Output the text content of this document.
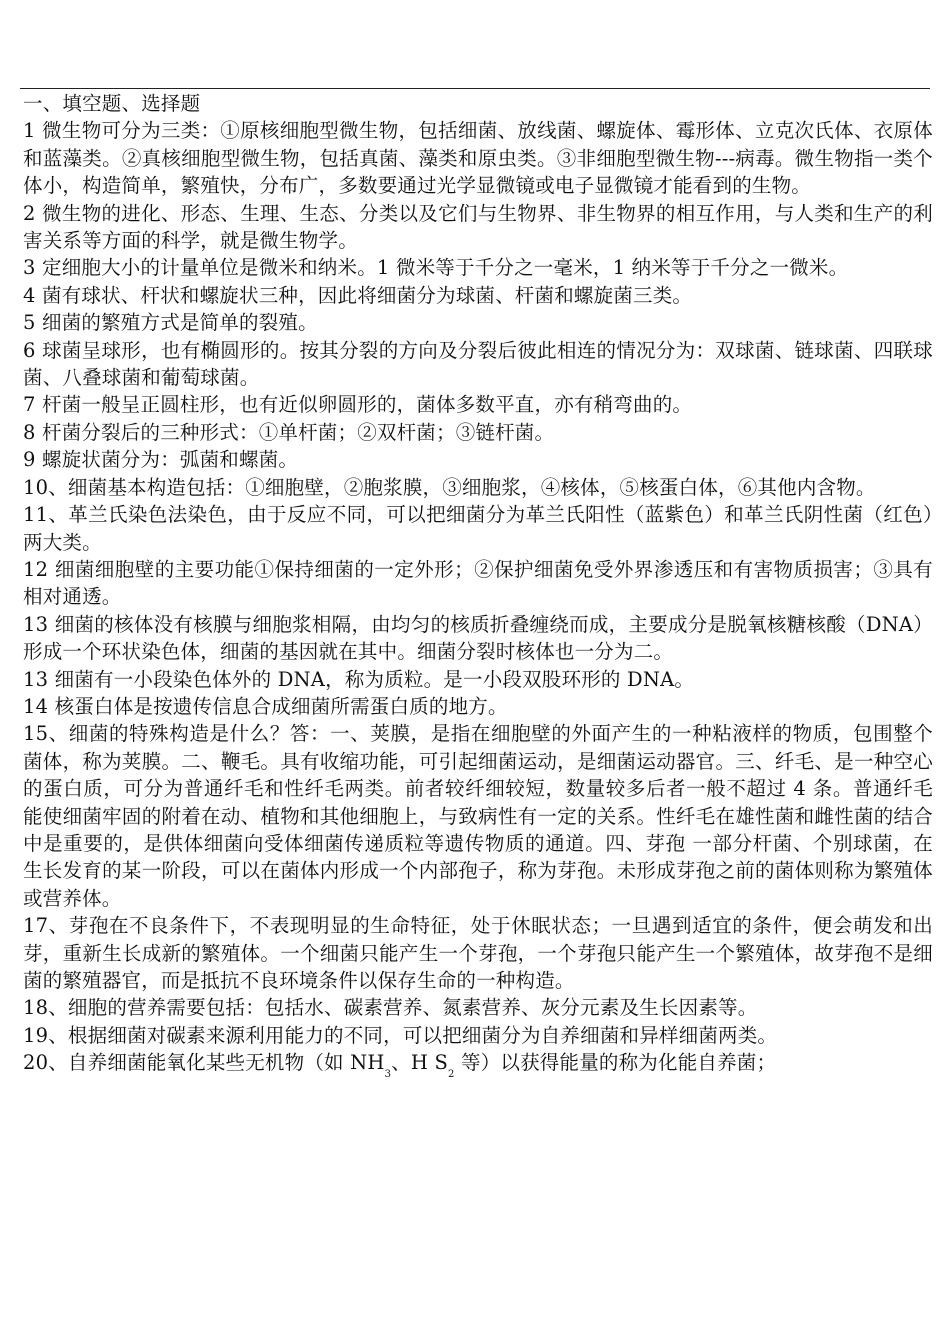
一、填空题、选择题

1 微生物可分为三类：①原核细胞型微生物，包括细菌、放线菌、螺旋体、霉形体、立克次氏体、衣原体和蓝藻类。②真核细胞型微生物，包括真菌、藻类和原虫类。③非细胞型微生物---病毒。微生物指一类个体小，构造简单，繁殖快，分布广，多数要通过光学显微镜或电子显微镜才能看到的生物。

2 微生物的进化、形态、生理、生态、分类以及它们与生物界、非生物界的相互作用，与人类和生产的利害关系等方面的科学，就是微生物学。

3 定细胞大小的计量单位是微米和纳米。1 微米等于千分之一毫米，1 纳米等于千分之一微米。

4 菌有球状、杆状和螺旋状三种，因此将细菌分为球菌、杆菌和螺旋菌三类。

5 细菌的繁殖方式是简单的裂殖。

6 球菌呈球形，也有椭圆形的。按其分裂的方向及分裂后彼此相连的情况分为：双球菌、链球菌、四联球菌、八叠球菌和葡萄球菌。

7 杆菌一般呈正圆柱形，也有近似卵圆形的，菌体多数平直，亦有稍弯曲的。

8 杆菌分裂后的三种形式：①单杆菌；②双杆菌；③链杆菌。

9 螺旋状菌分为：弧菌和螺菌。

10、细菌基本构造包括：①细胞壁，②胞浆膜，③细胞浆，④核体，⑤核蛋白体，⑥其他内含物。

11、革兰氏染色法染色，由于反应不同，可以把细菌分为革兰氏阳性（蓝紫色）和革兰氏阴性菌（红色）两大类。

12 细菌细胞壁的主要功能①保持细菌的一定外形；②保护细菌免受外界渗透压和有害物质损害；③具有相对通透。

13 细菌的核体没有核膜与细胞浆相隔，由均匀的核质折叠缠绕而成，主要成分是脱氧核糖核酸（DNA）形成一个环状染色体，细菌的基因就在其中。细菌分裂时核体也一分为二。

13 细菌有一小段染色体外的 DNA，称为质粒。是一小段双股环形的 DNA。

14 核蛋白体是按遗传信息合成细菌所需蛋白质的地方。

15、细菌的特殊构造是什么？答：一、荚膜，是指在细胞壁的外面产生的一种粘液样的物质，包围整个菌体，称为荚膜。二、鞭毛。具有收缩功能，可引起细菌运动，是细菌运动器官。三、纤毛、是一种空心的蛋白质，可分为普通纤毛和性纤毛两类。前者较纤细较短，数量较多后者一般不超过 4 条。普通纤毛能使细菌牢固的附着在动、植物和其他细胞上，与致病性有一定的关系。性纤毛在雄性菌和雌性菌的结合中是重要的，是供体细菌向受体细菌传递质粒等遗传物质的通道。四、芽孢 一部分杆菌、个别球菌，在生长发育的某一阶段，可以在菌体内形成一个内部孢子，称为芽孢。未形成芽孢之前的菌体则称为繁殖体或营养体。

17、芽孢在不良条件下，不表现明显的生命特征，处于休眠状态；一旦遇到适宜的条件，便会萌发和出芽，重新生长成新的繁殖体。一个细菌只能产生一个芽孢，一个芽孢只能产生一个繁殖体，故芽孢不是细菌的繁殖器官，而是抵抗不良环境条件以保存生命的一种构造。

18、细胞的营养需要包括：包括水、碳素营养、氮素营养、灰分元素及生长因素等。

19、根据细菌对碳素来源利用能力的不同，可以把细菌分为自养细菌和异样细菌两类。

20、自养细菌能氧化某些无机物（如 $NH_3$、H $S_2$ 等）以获得能量的称为化能自养菌；
